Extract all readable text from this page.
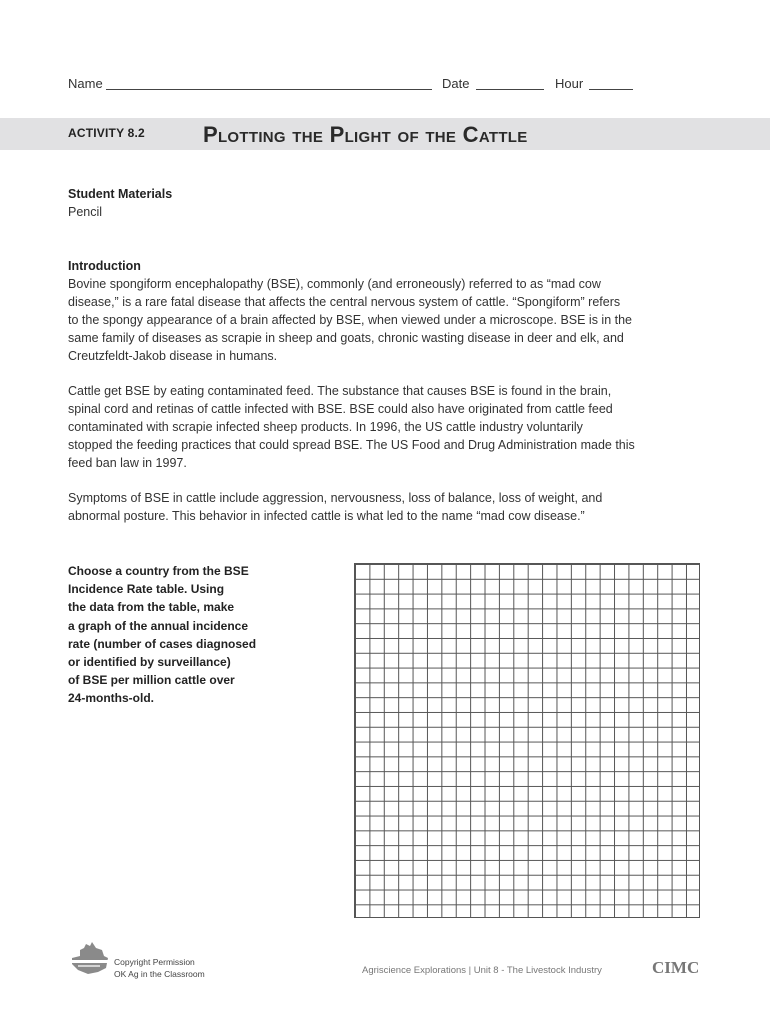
Name	Date	Hour
ACTIVITY 8.2	Plotting the Plight of the Cattle
Student Materials
Pencil
Introduction
Bovine spongiform encephalopathy (BSE), commonly (and erroneously) referred to as “mad cow
disease,” is a rare fatal disease that affects the central nervous system of cattle. “Spongiform” refers
to the spongy appearance of a brain affected by BSE, when viewed under a microscope. BSE is in the
same family of diseases as scrapie in sheep and goats, chronic wasting disease in deer and elk, and
Creutzfeldt-Jakob disease in humans.
Cattle get BSE by eating contaminated feed. The substance that causes BSE is found in the brain,
spinal cord and retinas of cattle infected with BSE. BSE could also have originated from cattle feed
contaminated with scrapie infected sheep products. In 1996, the US cattle industry voluntarily
stopped the feeding practices that could spread BSE. The US Food and Drug Administration made this
feed ban law in 1997.
Symptoms of BSE in cattle include aggression, nervousness, loss of balance, loss of weight, and
abnormal posture. This behavior in infected cattle is what led to the name “mad cow disease.”
Choose a country from the BSE
Incidence Rate table. Using
the data from the table, make
a graph of the annual incidence
rate (number of cases diagnosed
or identified by surveillance)
of BSE per million cattle over
24-months-old.
Copyright Permission
OK Ag in the Classroom	Agriscience Explorations | Unit 8 - The Livestock Industry	CIMC
